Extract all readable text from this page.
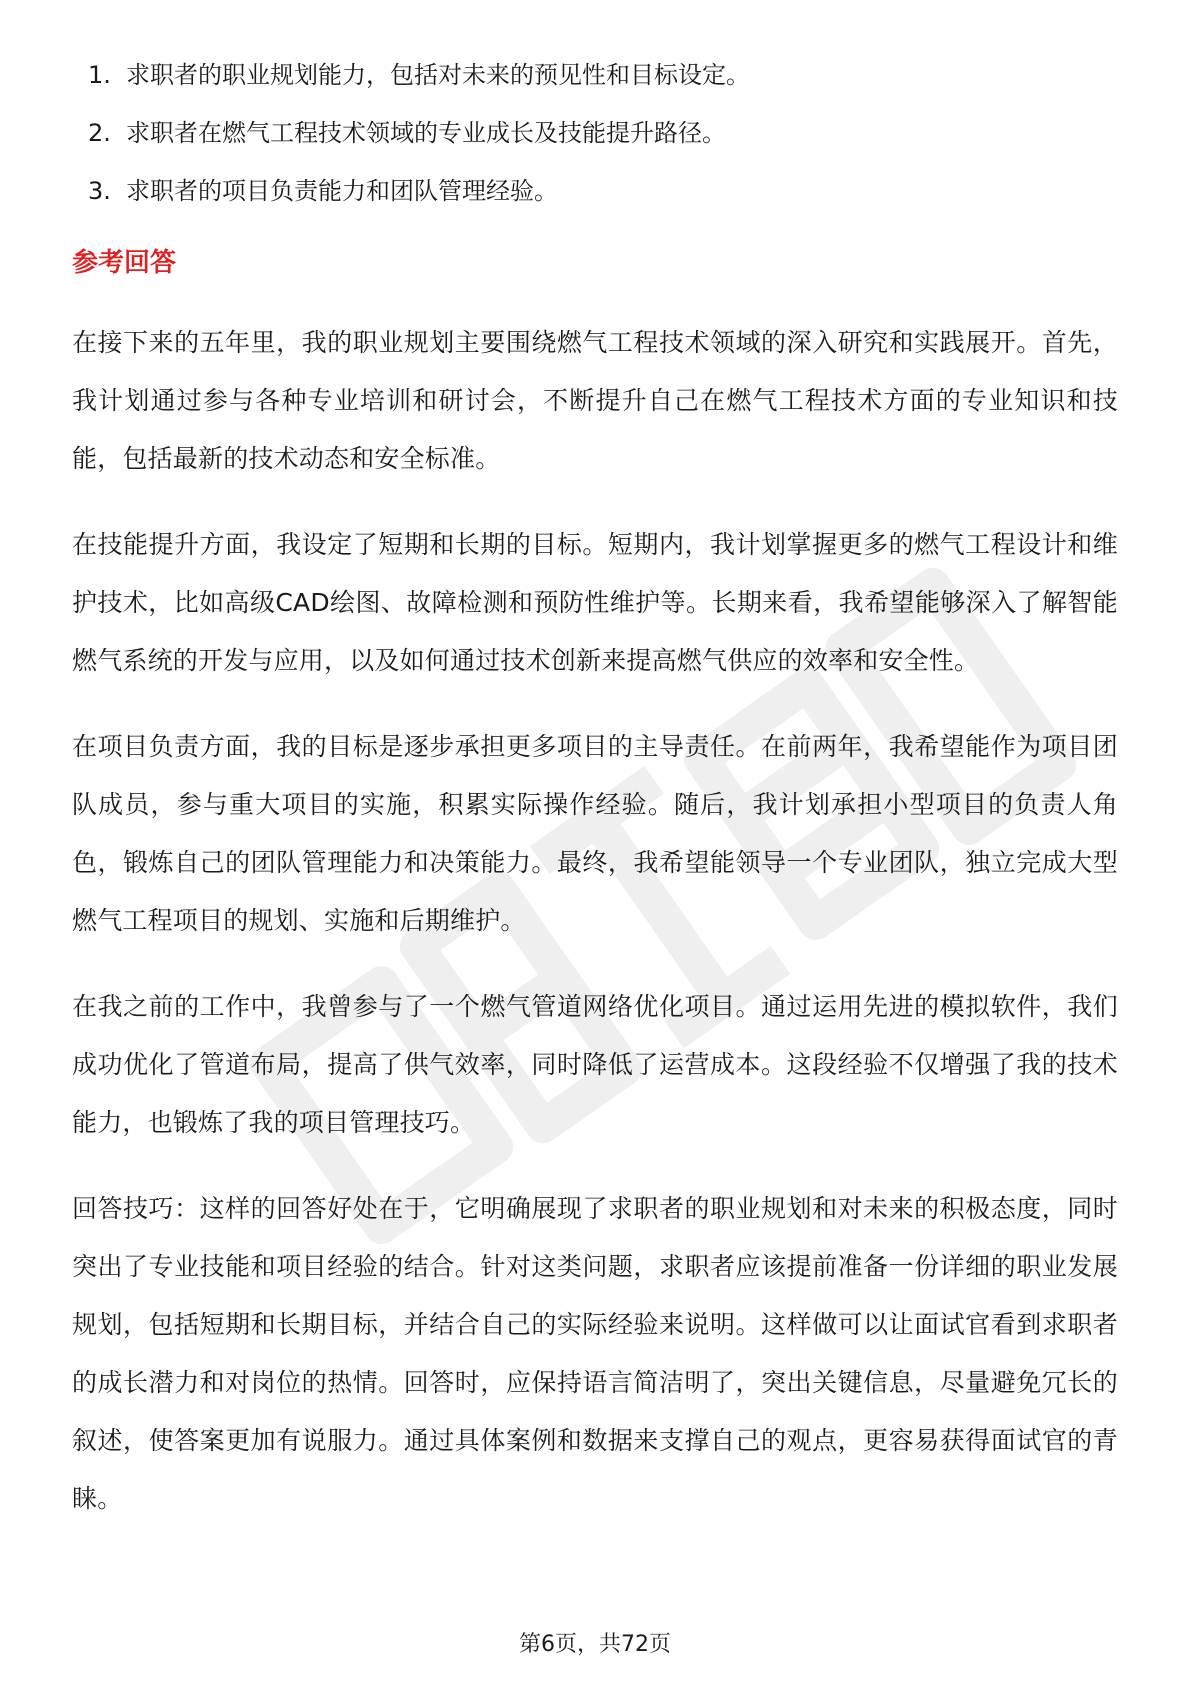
1. 求职者的职业规划能力，包括对未来的预见性和目标设定。
2. 求职者在燃气工程技术领域的专业成长及技能提升路径。
3. 求职者的项目负责能力和团队管理经验。
参考回答

在接下来的五年里，我的职业规划主要围绕燃气工程技术领域的深入研究和实践展开。首先，我计划通过参与各种专业培训和研讨会，不断提升自己在燃气工程技术方面的专业知识和技能，包括最新的技术动态和安全标准。

在技能提升方面，我设定了短期和长期的目标。短期内，我计划掌握更多的燃气工程设计和维护技术，比如高级CAD绘图、故障检测和预防性维护等。长期来看，我希望能够深入了解智能燃气系统的开发与应用，以及如何通过技术创新来提高燃气供应的效率和安全性。

在项目负责方面，我的目标是逐步承担更多项目的主导责任。在前两年，我希望能作为项目团队成员，参与重大项目的实施，积累实际操作经验。随后，我计划承担小型项目的负责人角色，锻炼自己的团队管理能力和决策能力。最终，我希望能领导一个专业团队，独立完成大型燃气工程项目的规划、实施和后期维护。

在我之前的工作中，我曾参与了一个燃气管道网络优化项目。通过运用先进的模拟软件，我们成功优化了管道布局，提高了供气效率，同时降低了运营成本。这段经验不仅增强了我的技术能力，也锻炼了我的项目管理技巧。

回答技巧：这样的回答好处在于，它明确展现了求职者的职业规划和对未来的积极态度，同时突出了专业技能和项目经验的结合。针对这类问题，求职者应该提前准备一份详细的职业发展规划，包括短期和长期目标，并结合自己的实际经验来说明。这样做可以让面试官看到求职者的成长潜力和对岗位的热情。回答时，应保持语言简洁明了，突出关键信息，尽量避免冗长的叙述，使答案更加有说服力。通过具体案例和数据来支撑自己的观点，更容易获得面试官的青睐。

第6页，共72页
